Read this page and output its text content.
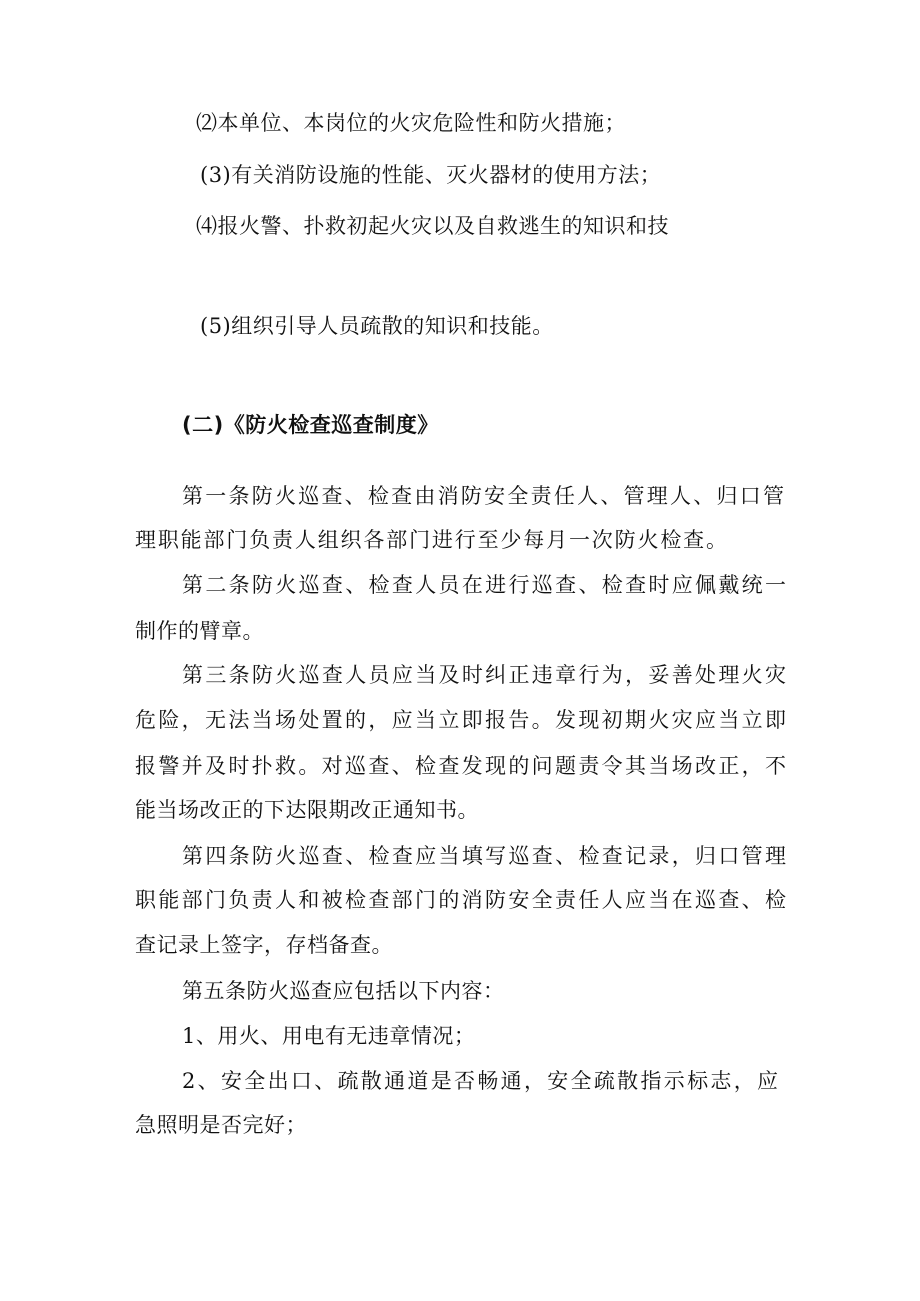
⑵本单位、本岗位的火灾危险性和防火措施；
(3)有关消防设施的性能、灭火器材的使用方法；
⑷报火警、扑救初起火灾以及自救逃生的知识和技
(5)组织引导人员疏散的知识和技能。
(二)《防火检查巡查制度》
第一条防火巡查、检查由消防安全责任人、管理人、归口管
理职能部门负责人组织各部门进行至少每月一次防火检查。
第二条防火巡查、检查人员在进行巡查、检查时应佩戴统一
制作的臂章。
第三条防火巡查人员应当及时纠正违章行为，妥善处理火灾
危险，无法当场处置的，应当立即报告。发现初期火灾应当立即
报警并及时扑救。对巡查、检查发现的问题责令其当场改正，不
能当场改正的下达限期改正通知书。
第四条防火巡查、检查应当填写巡查、检查记录，归口管理
职能部门负责人和被检查部门的消防安全责任人应当在巡查、检
查记录上签字，存档备查。
第五条防火巡查应包括以下内容：
1、用火、用电有无违章情况；
2、安全出口、疏散通道是否畅通，安全疏散指示标志，应
急照明是否完好；
